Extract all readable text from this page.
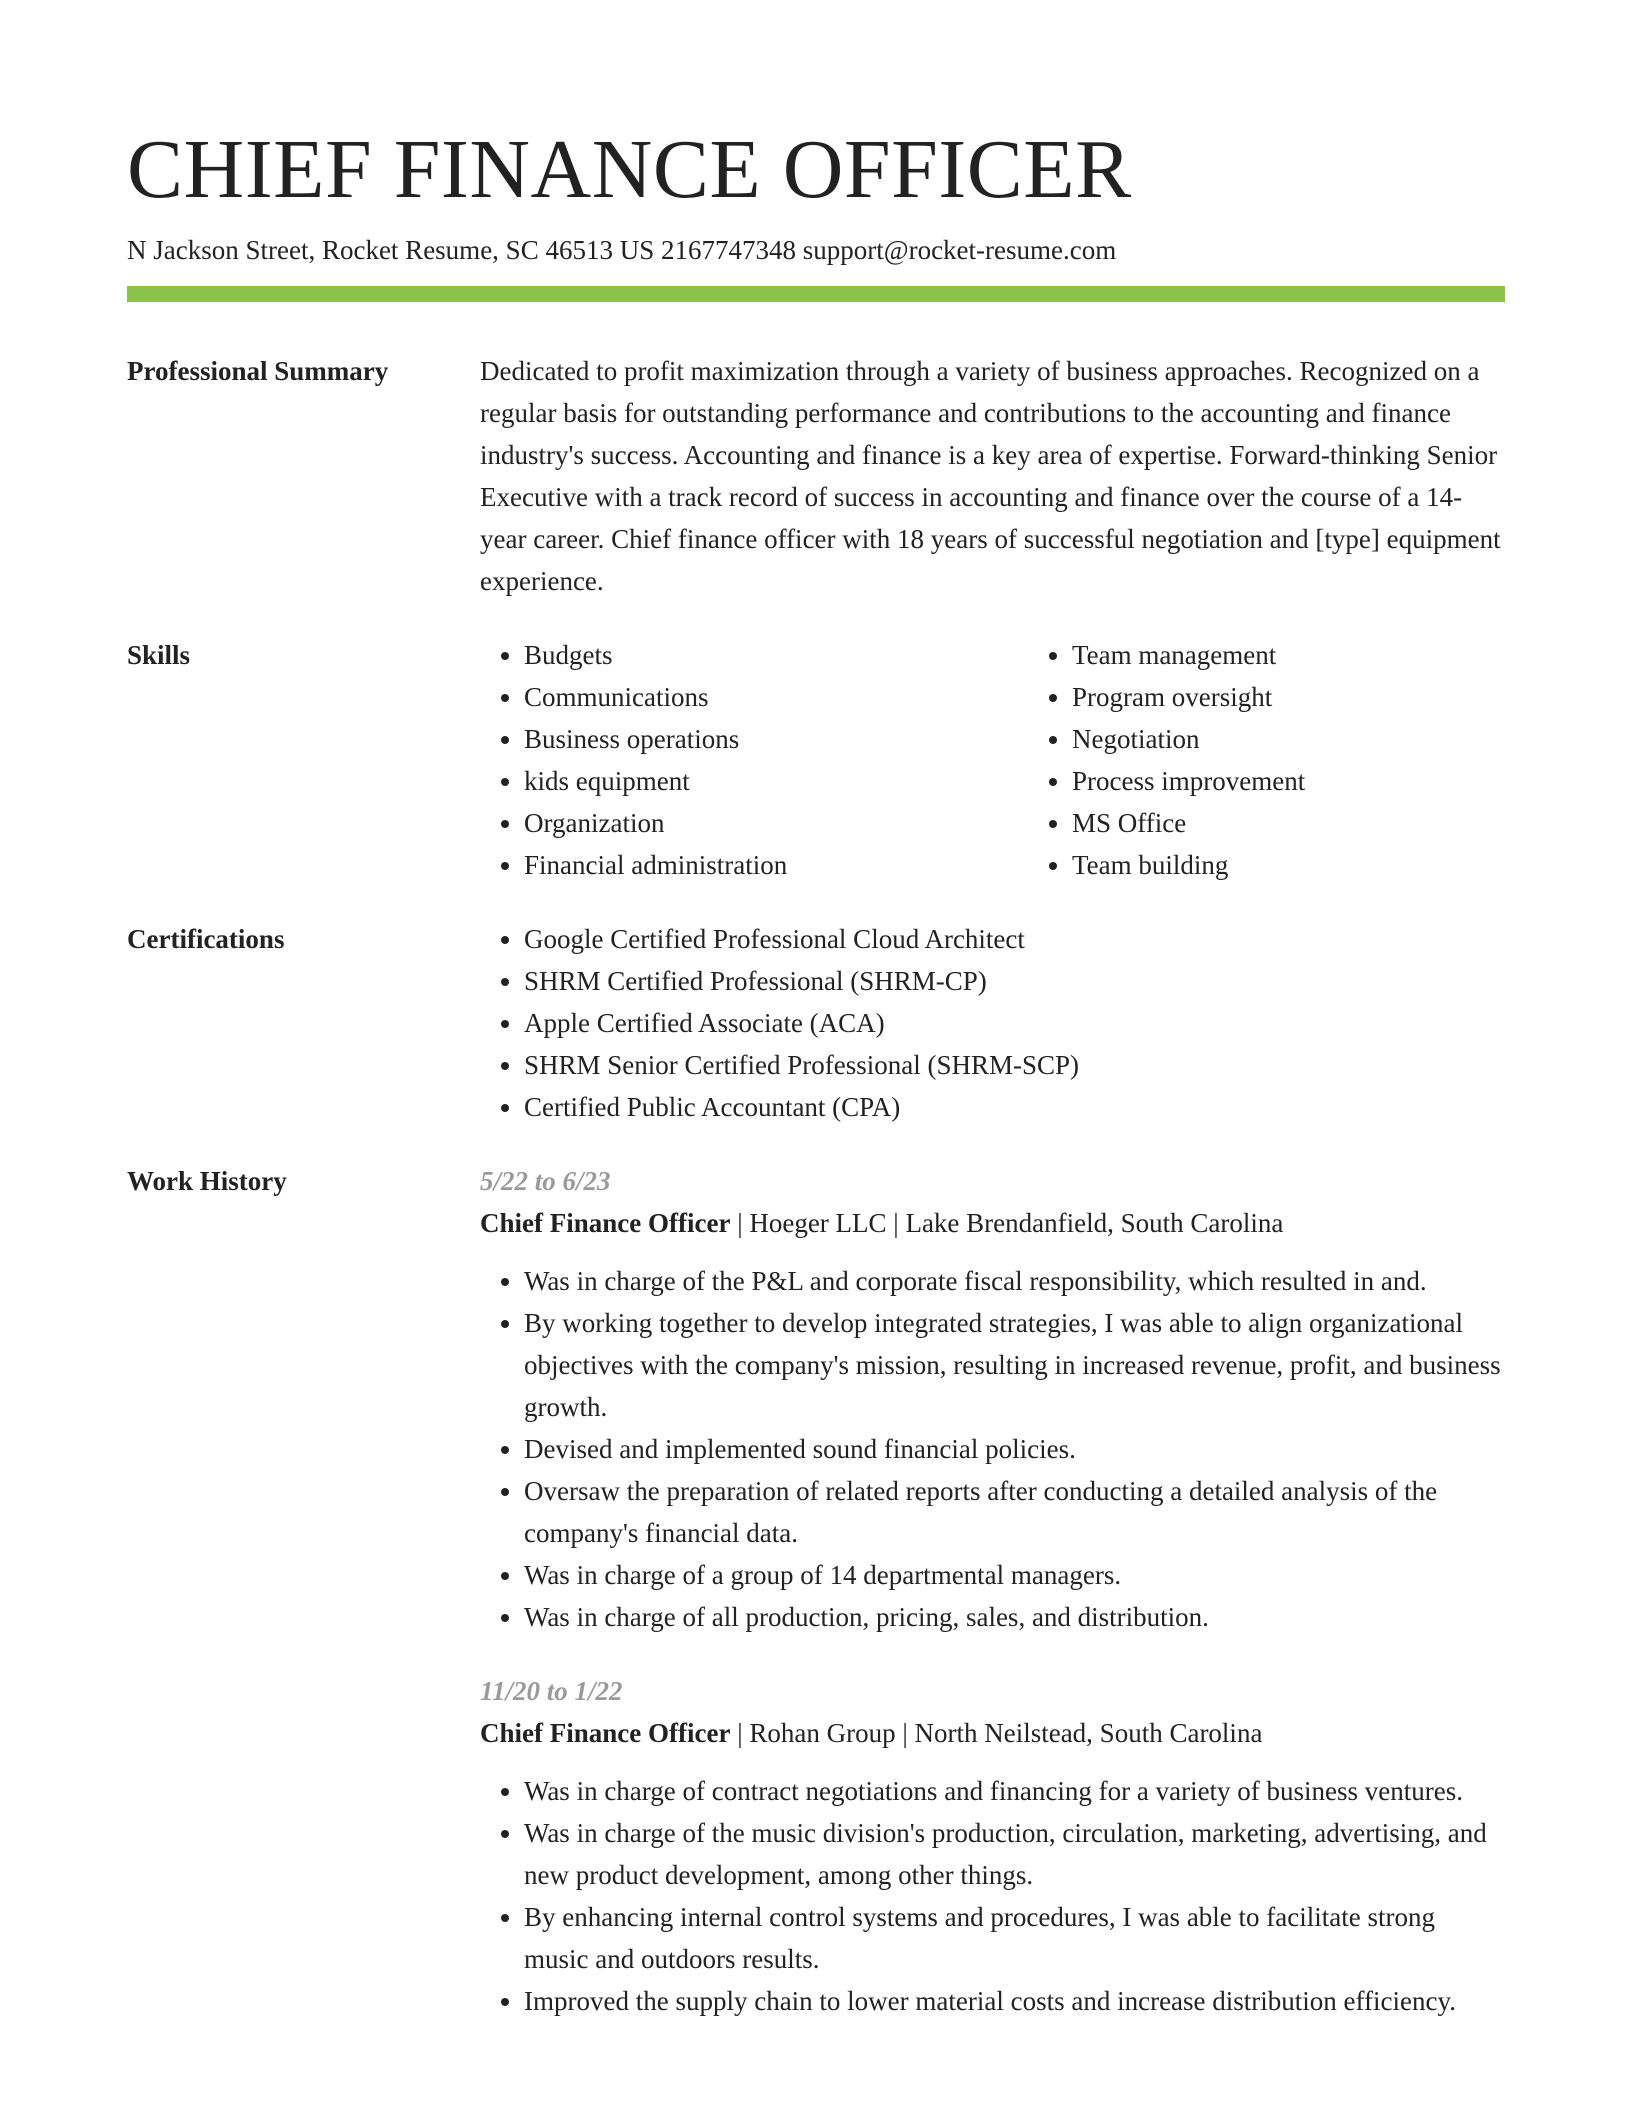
CHIEF FINANCE OFFICER
N Jackson Street, Rocket Resume, SC 46513 US 2167747348 support@rocket-resume.com
Professional Summary	Dedicated to profit maximization through a variety of business approaches. Recognized on a regular basis for outstanding performance and contributions to the accounting and finance industry's success. Accounting and finance is a key area of expertise. Forward-thinking Senior Executive with a track record of success in accounting and finance over the course of a 14-year career. Chief finance officer with 18 years of successful negotiation and [type] equipment experience.

Skills	• Budgets
• Communications
• Business operations
• kids equipment
• Organization
• Financial administration
• Team management
• Program oversight
• Negotiation
• Process improvement
• MS Office
• Team building
Certifications	• Google Certified Professional Cloud Architect
• SHRM Certified Professional (SHRM-CP)
• Apple Certified Associate (ACA)
• SHRM Senior Certified Professional (SHRM-SCP)
• Certified Public Accountant (CPA)
Work History	5/22 to 6/23
Chief Finance Officer | Hoeger LLC | Lake Brendanfield, South Carolina
• Was in charge of the P&L and corporate fiscal responsibility, which resulted in and.
• By working together to develop integrated strategies, I was able to align organizational objectives with the company's mission, resulting in increased revenue, profit, and business growth.
• Devised and implemented sound financial policies.
• Oversaw the preparation of related reports after conducting a detailed analysis of the company's financial data.
• Was in charge of a group of 14 departmental managers.
• Was in charge of all production, pricing, sales, and distribution.
11/20 to 1/22
Chief Finance Officer | Rohan Group | North Neilstead, South Carolina
• Was in charge of contract negotiations and financing for a variety of business ventures.
• Was in charge of the music division's production, circulation, marketing, advertising, and new product development, among other things.
• By enhancing internal control systems and procedures, I was able to facilitate strong music and outdoors results.
• Improved the supply chain to lower material costs and increase distribution efficiency.
